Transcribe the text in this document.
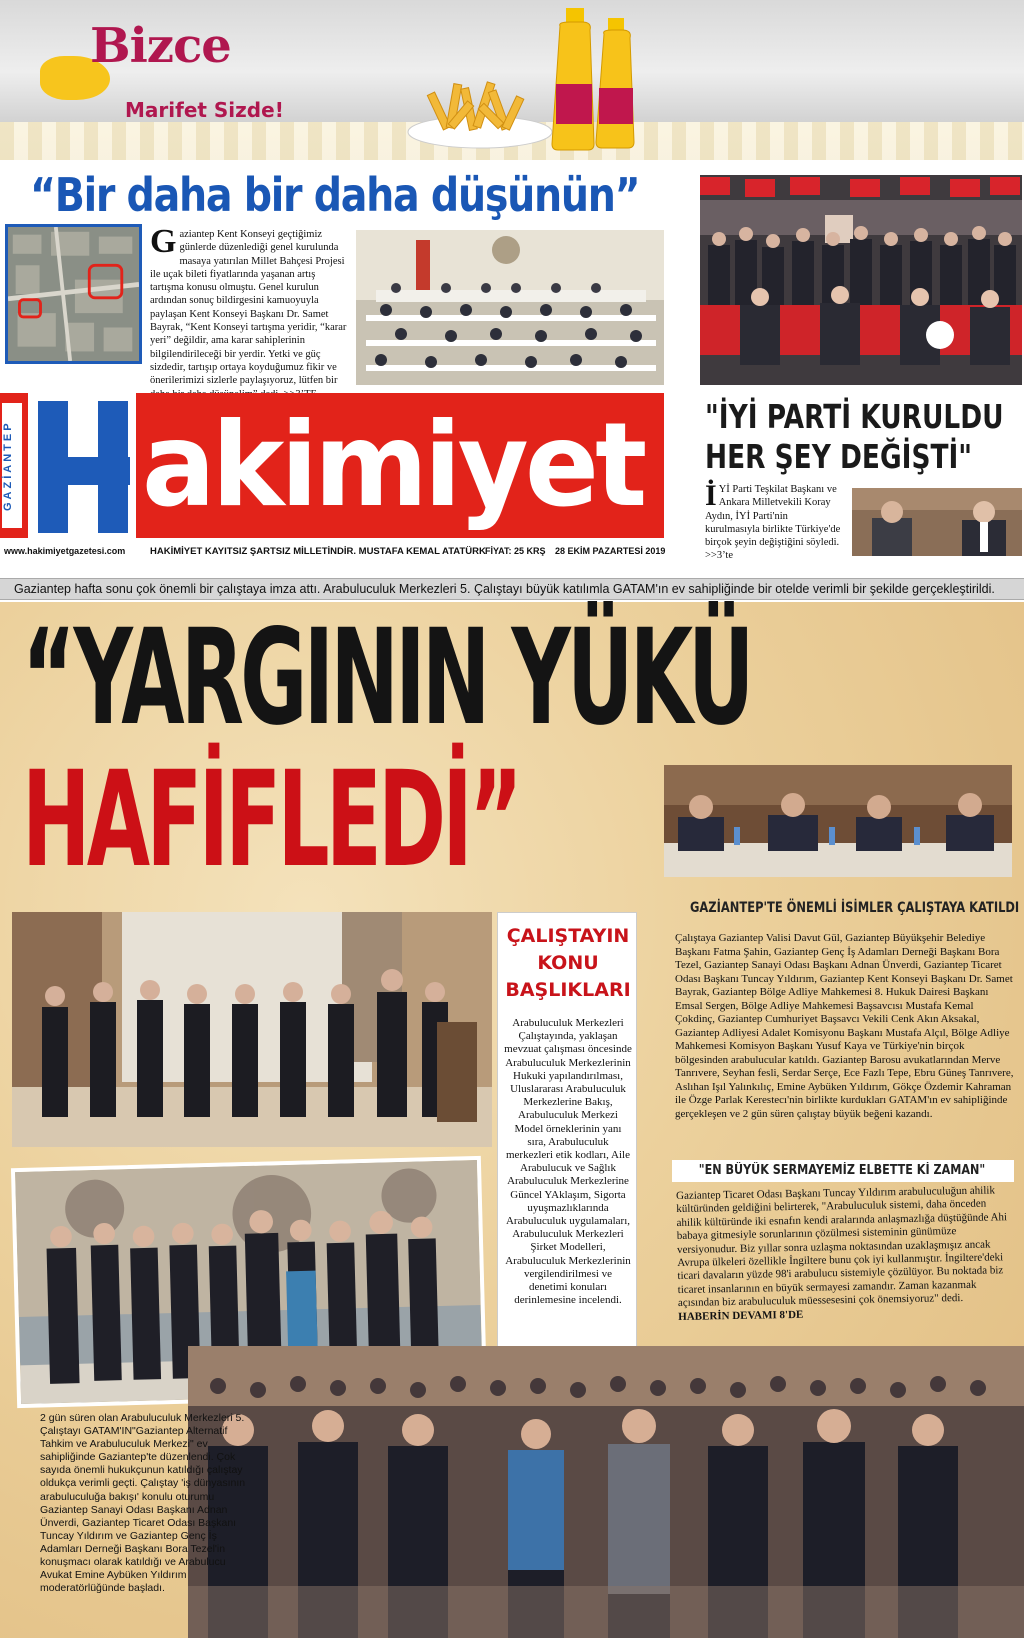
Bizce
Marifet Sizde!
“Bir daha bir daha düşünün”
G aziantep Kent Konseyi geçtiğimiz günlerde düzenlediği genel kurulunda masaya yatırılan Millet Bahçesi Projesi ile uçak bileti fiyatlarında yaşanan artış tartışma konusu olmuştu. Genel kurulun ardından sonuç bildirgesini kamuoyuyla paylaşan Kent Konseyi Başkanı Dr. Samet Bayrak, “Kent Konseyi tartışma yeridir, “karar yeri” değildir, ama karar sahiplerinin bilgilendirileceği bir yerdir. Yetki ve güç sizdedir, tartışıp ortaya koyduğumuz fikir ve önerilerimizi sizlerle paylaşıyoruz, lütfen bir
GAZİANTEP akimiyet
www.hakimiyetgazetesi.com	HAKİMİYET KAYITSIZ ŞARTSIZ MİLLETİNDİR. MUSTAFA KEMAL ATATÜRK FİYAT: 25 KRŞ 28 EKİM PAZARTESİ 2019
"İYİ PARTİ KURULDU
HER ŞEY DEĞİŞTİ"
İ Yİ Parti Teşkilat Başkanı ve Ankara Milletvekili Koray Aydın, İYİ Parti'nin kurulmasıyla birlikte Türkiye'de birçok şeyin değiştiğini söyledi. >>3’te
Gaziantep hafta sonu çok önemli bir çalıştaya imza attı. Arabuluculuk Merkezleri 5. Çalıştayı büyük katılımla GATAM'ın ev sahipliğinde bir otelde verimli bir şekilde gerçekleştirildi.
“YARGININ YÜKÜ
HAFİFLEDİ”
GAZİANTEP'TE ÖNEMLİ İSİMLER ÇALIŞTAYA KATILDI
Çalıştaya Gaziantep Valisi Davut Gül, Gaziantep Büyükşehir Belediye Başkanı Fatma Şahin, Gaziantep Genç İş Adamları Derneği Başkanı Bora Tezel, Gaziantep Sanayi Odası Başkanı Adnan Ünverdi, Gaziantep Ticaret Odası Başkanı Tuncay Yıldırım, Gaziantep Kent Konseyi Başkanı Dr. Samet Bayrak, Gaziantep Bölge Adliye Mahkemesi 8. Hukuk Dairesi Başkanı Emsal Sergen, Bölge Adliye Mahkemesi Başsavcısı Mustafa Kemal Çokdinç, Gaziantep Cumhuriyet Başsavcı Vekili Cenk Akın Aksakal, Gaziantep Adliyesi Adalet Komisyonu Başkanı Mustafa Alçıl, Bölge Adliye Mahkemesi Komisyon Başkanı Yusuf Kaya ve Türkiye'nin birçok bölgesinden arabulucular katıldı. Gaziantep Barosu avukatlarından Merve Tanrıvere, Seyhan fesli, Serdar Serçe, Ece Fazlı Tepe, Ebru Güneş Tanrıvere, Aslıhan Işıl Yalınkılıç, Emine Aybüken Yıldırım, Gökçe Özdemir Kahraman ile Özge Parlak Kerestecı'nin birlikte kurdukları GATAM'ın ev sahipliğinde gerçekleşen ve 2 gün süren çalıştay büyük beğeni kazandı.
ÇALIŞTAYIN
KONU
BAŞLIKLARI
Arabuluculuk Merkezleri Çalıştayında, yaklaşan mevzuat çalışması öncesinde Arabuluculuk Merkezlerinin Hukuki yapılandırılması, Uluslararası Arabuluculuk Merkezlerine Bakış, Arabuluculuk Merkezi Model örneklerinin yanı sıra, Arabuluculuk merkezleri etik kodları, Aile Arabulucuk ve Sağlık Arabuluculuk Merkezlerine Güncel YAklaşım, Sigorta uyuşmazlıklarında Arabuluculuk uygulamaları, Arabuluculuk Merkezleri Şirket Modelleri, Arabuluculuk Merkezlerinin vergilendirilmesi ve denetimi konuları derinlemesine incelendi.
"EN BÜYÜK SERMAYEMİZ ELBETTE Kİ ZAMAN"
Gaziantep Ticaret Odası Başkanı Tuncay Yıldırım arabuluculuğun ahilik kültüründen geldiğini belirterek, "Arabuluculuk sistemi, daha önceden ahilik kültüründe iki esnafın kendi aralarında anlaşmazlığa düştüğünde Ahi babaya gitmesiyle sorunlarının çözülmesi sisteminin günümüze versiyonudur. Biz yıllar sonra uzlaşma noktasından uzaklaşmışız ancak Avrupa ülkeleri özellikle İngiltere bunu çok iyi kullanmıştır. İngiltere'deki ticari davaların yüzde 98'i arabulucu sistemiyle çözülüyor. Bu noktada biz ticaret insanlarının en büyük sermayesi zamandır. Zaman kazanmak açısından biz arabuluculuk müessesesini çok önemsiyoruz" dedi. HABERİN DEVAMI 8'DE
2 gün süren olan Arabuluculuk Merkezleri 5. Çalıştayı GATAM'IN"Gaziantep Alternatif Tahkim ve Arabuluculuk Merkezi" ev sahipliğinde Gaziantep'te düzenlendi. Çok sayıda önemli hukukçunun katıldığı çalıştay oldukça verimli geçti. Çalıştay 'iş dünyasının arabuluculuğa bakışı' konulu oturumu Gaziantep Sanayi Odası Başkanı Adnan Ünverdi, Gaziantep Ticaret Odası Başkanı Tuncay Yıldırım ve Gaziantep Genç İş Adamları Derneği Başkanı Bora Tezel'in konuşmacı olarak katıldığı ve Arabulucu Avukat Emine Aybüken Yıldırım moderatörlüğünde başladı.
